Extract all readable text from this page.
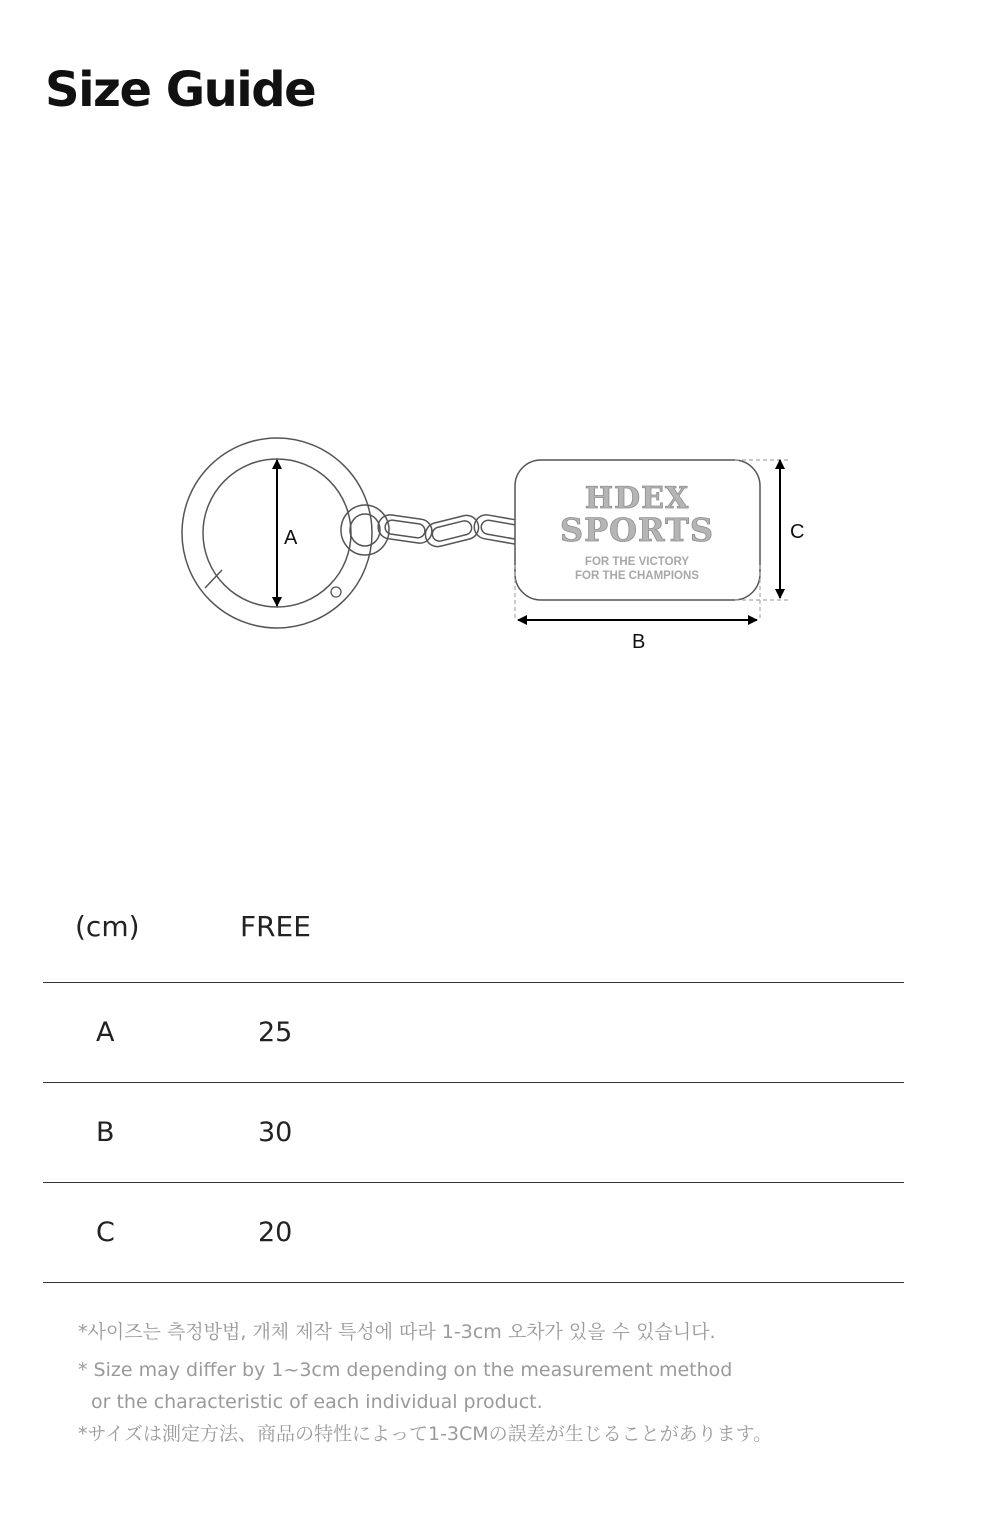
Size Guide
HDEX
SPORTS
FOR THE VICTORY
FOR THE CHAMPIONS
A	C
B
(cm)	FREE
A	25
B	30
C	20
*사이즈는 측정방법, 개체 제작 특성에 따라 1-3cm 오차가 있을 수 있습니다.
* Size may differ by 1~3cm depending on the measurement method
or the characteristic of each individual product.
*サイズは測定方法、商品の特性によって1-3CMの誤差が生じることがあります。
